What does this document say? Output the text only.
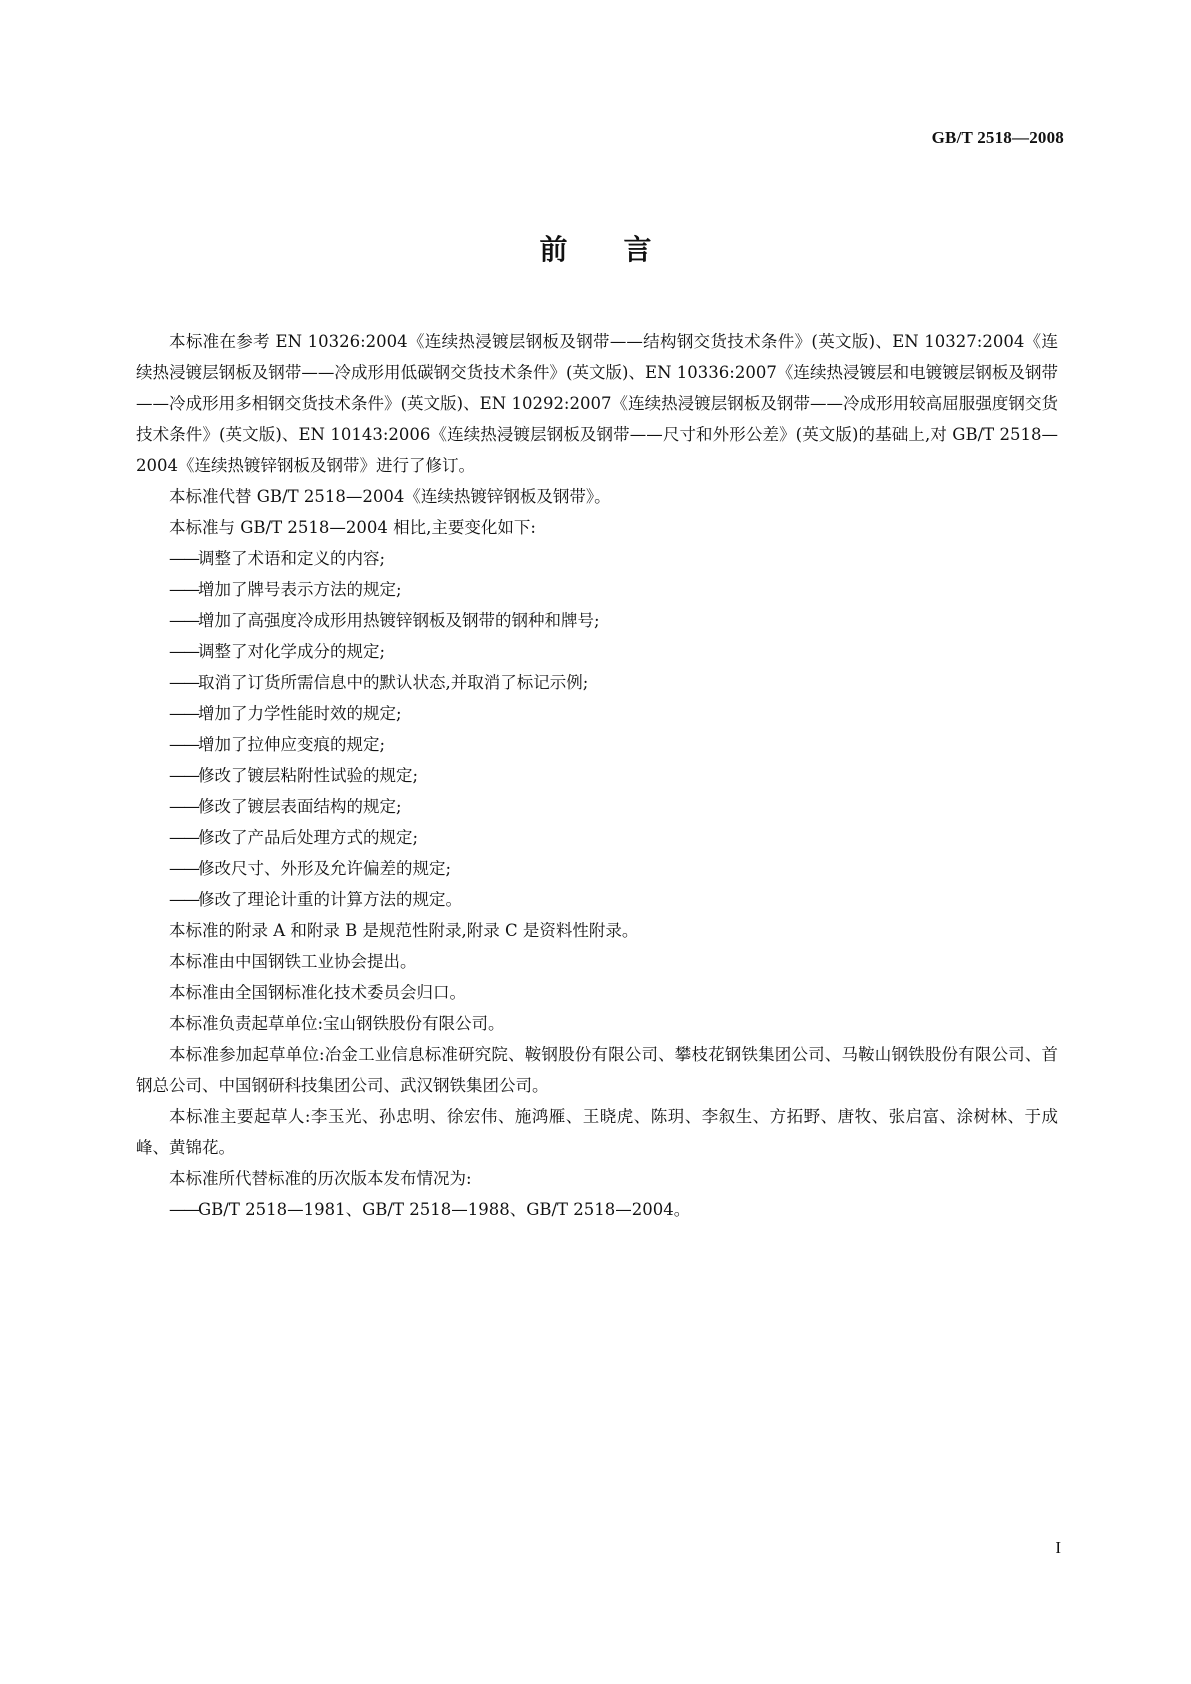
GB/T 2518—2008
前言

本标准在参考 EN 10326:2004《连续热浸镀层钢板及钢带——结构钢交货技术条件》(英文版)、EN 10327:2004《连续热浸镀层钢板及钢带——冷成形用低碳钢交货技术条件》(英文版)、EN 10336:2007《连续热浸镀层和电镀镀层钢板及钢带——冷成形用多相钢交货技术条件》(英文版)、EN 10292:2007《连续热浸镀层钢板及钢带——冷成形用较高屈服强度钢交货技术条件》(英文版)、EN 10143:2006《连续热浸镀层钢板及钢带——尺寸和外形公差》(英文版)的基础上,对 GB/T 2518—2004《连续热镀锌钢板及钢带》进行了修订。

本标准代替 GB/T 2518—2004《连续热镀锌钢板及钢带》。

本标准与 GB/T 2518—2004 相比,主要变化如下:

——调整了术语和定义的内容;

——增加了牌号表示方法的规定;

——增加了高强度冷成形用热镀锌钢板及钢带的钢种和牌号;

——调整了对化学成分的规定;

——取消了订货所需信息中的默认状态,并取消了标记示例;

——增加了力学性能时效的规定;

——增加了拉伸应变痕的规定;

——修改了镀层粘附性试验的规定;

——修改了镀层表面结构的规定;

——修改了产品后处理方式的规定;

——修改尺寸、外形及允许偏差的规定;

——修改了理论计重的计算方法的规定。

本标准的附录 A 和附录 B 是规范性附录,附录 C 是资料性附录。

本标准由中国钢铁工业协会提出。

本标准由全国钢标准化技术委员会归口。

本标准负责起草单位:宝山钢铁股份有限公司。

本标准参加起草单位:冶金工业信息标准研究院、鞍钢股份有限公司、攀枝花钢铁集团公司、马鞍山钢铁股份有限公司、首钢总公司、中国钢研科技集团公司、武汉钢铁集团公司。

本标准主要起草人:李玉光、孙忠明、徐宏伟、施鸿雁、王晓虎、陈玥、李叙生、方拓野、唐牧、张启富、涂树林、于成峰、黄锦花。

本标准所代替标准的历次版本发布情况为:

——GB/T 2518—1981、GB/T 2518—1988、GB/T 2518—2004。

I
